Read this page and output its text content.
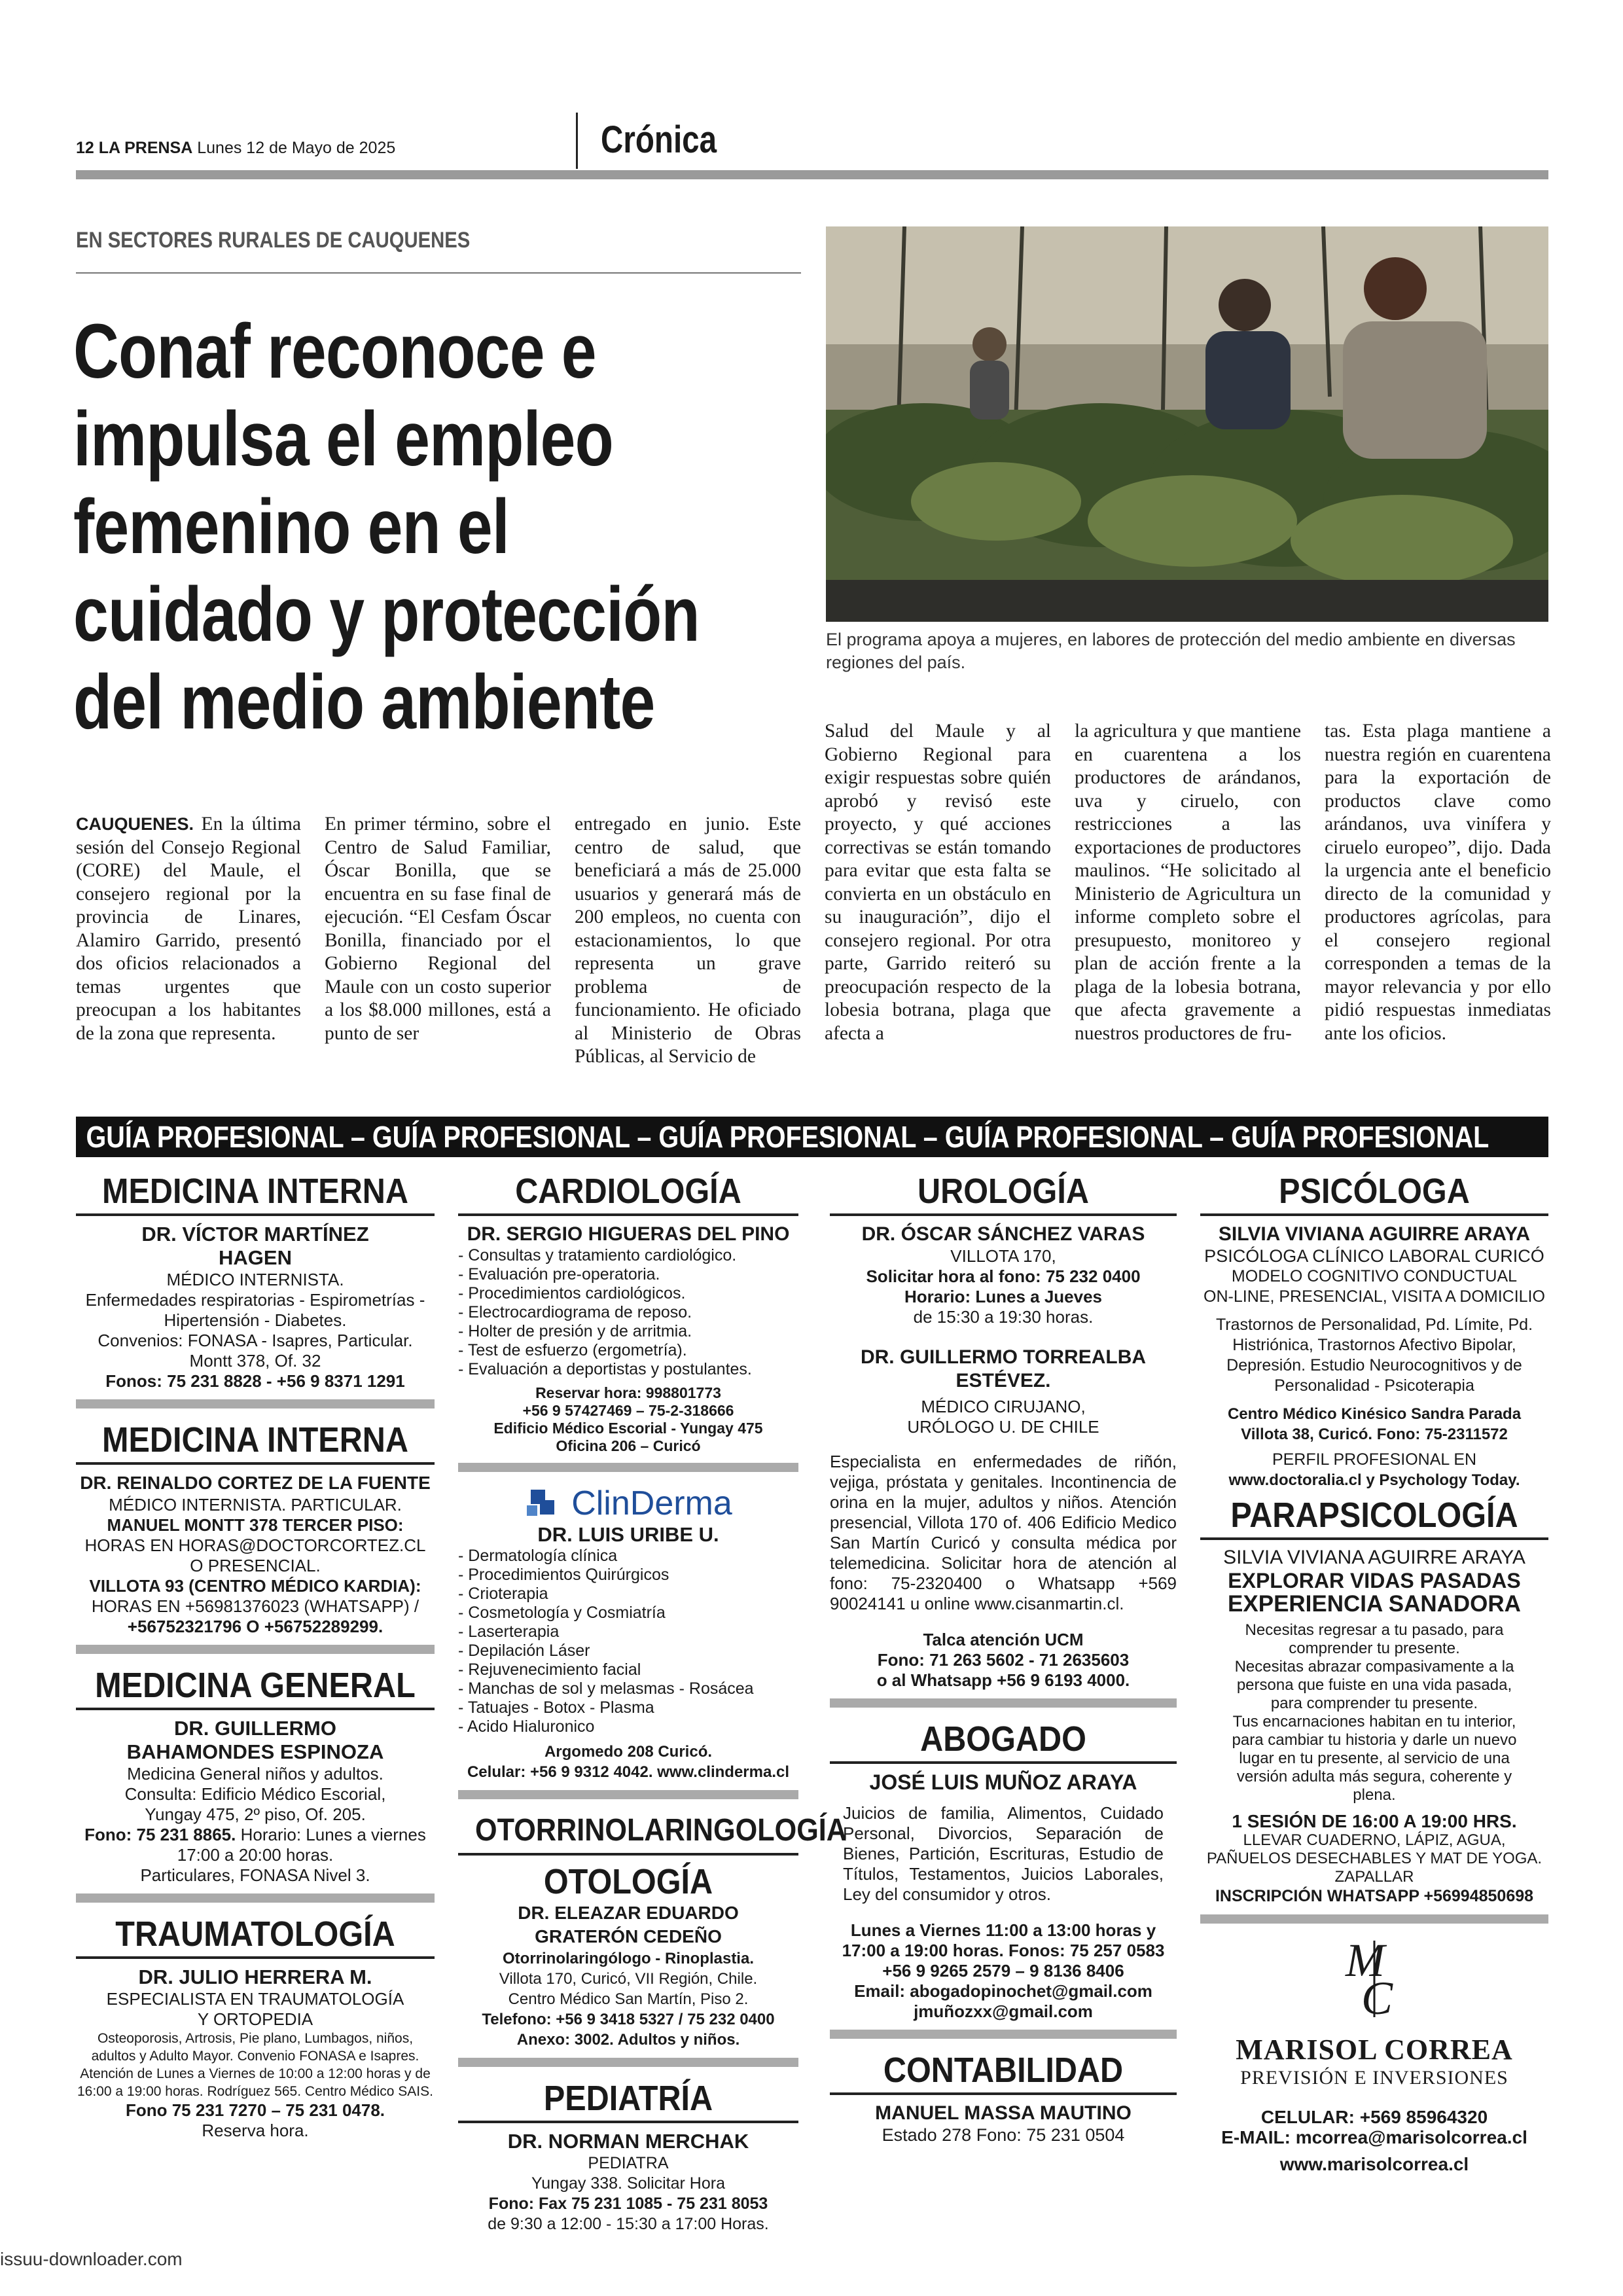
12 LA PRENSA Lunes 12 de Mayo de 2025	Crónica
EN SECTORES RURALES DE CAUQUENES
Conaf reconoce e
impulsa el empleo
femenino en el
cuidado y protección
del medio ambiente
El programa apoya a mujeres, en labores de protección del medio ambiente en diversas regiones del país.
CAUQUENES. En la última sesión del Consejo Regional (CORE) del Maule, el consejero regional por la provincia de Linares, Alamiro Garrido, presentó dos oficios relacionados a temas urgentes que preocupan a los habitantes de la zona que representa.
En primer término, sobre el Centro de Salud Familiar, Óscar Bonilla, que se encuentra en su fase final de ejecución. “El Cesfam Óscar Bonilla, financiado por el Gobierno Regional del Maule con un costo superior a los $8.000 millones, está a punto de ser
entregado en junio. Este centro de salud, que beneficiará a más de 25.000 usuarios y generará más de 200 empleos, no cuenta con estacionamientos, lo que representa un grave problema de funcionamiento. He oficiado al Ministerio de Obras Públicas, al Servicio de
Salud del Maule y al Gobierno Regional para exigir respuestas sobre quién aprobó y revisó este proyecto, y qué acciones correctivas se están tomando para evitar que esta falta se convierta en un obstáculo en su inauguración”, dijo el consejero regional. Por otra parte, Garrido reiteró su preocupación respecto de la lobesia botrana, plaga que afecta a
la agricultura y que mantiene en cuarentena a los productores de arándanos, uva y ciruelo, con restricciones a las exportaciones de productores maulinos. “He solicitado al Ministerio de Agricultura un informe completo sobre el presupuesto, monitoreo y plan de acción frente a la plaga de la lobesia botrana, que afecta gravemente a nuestros productores de fru-
tas. Esta plaga mantiene a nuestra región en cuarentena para la exportación de productos clave como arándanos, uva vinífera y ciruelo europeo”, dijo. Dada la urgencia ante el beneficio directo de la comunidad y productores agrícolas, para el consejero regional corresponden a temas de la mayor relevancia y por ello pidió respuestas inmediatas ante los oficios.
GUÍA PROFESIONAL – GUÍA PROFESIONAL – GUÍA PROFESIONAL – GUÍA PROFESIONAL – GUÍA PROFESIONAL
MEDICINA INTERNA
DR. VÍCTOR MARTÍNEZ HAGEN
MÉDICO INTERNISTA.
Enfermedades respiratorias - Espirometrías - Hipertensión - Diabetes.
Convenios: FONASA - Isapres, Particular.
Montt 378, Of. 32
Fonos: 75 231 8828 - +56 9 8371 1291
MEDICINA INTERNA
DR. REINALDO CORTEZ DE LA FUENTE
MÉDICO INTERNISTA. PARTICULAR.
MANUEL MONTT 378 TERCER PISO:
HORAS EN HORAS@DOCTORCORTEZ.CL
O PRESENCIAL.
VILLOTA 93 (CENTRO MÉDICO KARDIA):
HORAS EN +56981376023 (WHATSAPP) /
+56752321796 O +56752289299.
MEDICINA GENERAL
DR. GUILLERMO BAHAMONDES ESPINOZA
Medicina General niños y adultos.
Consulta: Edificio Médico Escorial, Yungay 475, 2º piso, Of. 205.
Fono: 75 231 8865. Horario: Lunes a viernes 17:00 a 20:00 horas.
Particulares, FONASA Nivel 3.
TRAUMATOLOGÍA
DR. JULIO HERRERA M.
ESPECIALISTA EN TRAUMATOLOGÍA Y ORTOPEDIA
Osteoporosis, Artrosis, Pie plano, Lumbagos, niños, adultos y Adulto Mayor. Convenio FONASA e Isapres.
Atención de Lunes a Viernes de 10:00 a 12:00 horas y de 16:00 a 19:00 horas. Rodríguez 565. Centro Médico SAIS.
Fono 75 231 7270 – 75 231 0478.
Reserva hora.
CARDIOLOGÍA
DR. SERGIO HIGUERAS DEL PINO
- Consultas y tratamiento cardiológico.
- Evaluación pre-operatoria.
- Procedimientos cardiológicos.
- Electrocardiograma de reposo.
- Holter de presión y de arritmia.
- Test de esfuerzo (ergometría).
- Evaluación a deportistas y postulantes.
Reservar hora: 998801773
+56 9 57427469 – 75-2-318666
Edificio Médico Escorial - Yungay 475
Oficina 206 – Curicó
ClinDerma
DR. LUIS URIBE U.
- Dermatología clínica
- Procedimientos Quirúrgicos
- Crioterapia
- Cosmetología y Cosmiatría
- Laserterapia
- Depilación Láser
- Rejuvenecimiento facial
- Manchas de sol y melasmas - Rosácea
- Tatuajes - Botox - Plasma
- Acido Hialuronico
Argomedo 208 Curicó.
Celular: +56 9 9312 4042. www.clinderma.cl
OTORRINOLARINGOLOGÍA
OTOLOGÍA
DR. ELEAZAR EDUARDO GRATERÓN CEDEÑO
Otorrinolaringólogo - Rinoplastia.
Villota 170, Curicó, VII Región, Chile.
Centro Médico San Martín, Piso 2.
Telefono: +56 9 3418 5327 / 75 232 0400
Anexo: 3002. Adultos y niños.
PEDIATRÍA
DR. NORMAN MERCHAK
PEDIATRA
Yungay 338. Solicitar Hora
Fono: Fax 75 231 1085 - 75 231 8053
de 9:30 a 12:00 - 15:30 a 17:00 Horas.
UROLOGÍA
DR. ÓSCAR SÁNCHEZ VARAS
VILLOTA 170,
Solicitar hora al fono: 75 232 0400
Horario: Lunes a Jueves
de 15:30 a 19:30 horas.
DR. GUILLERMO TORREALBA ESTÉVEZ.
MÉDICO CIRUJANO,
URÓLOGO U. DE CHILE
Especialista en enfermedades de riñón, vejiga, próstata y genitales. Incontinencia de orina en la mujer, adultos y niños. Atención presencial, Villota 170 of. 406 Edificio Medico San Martín Curicó y consulta médica por telemedicina. Solicitar hora de atención al fono: 75-2320400 o Whatsapp +569 90024141 u online www.cisanmartin.cl.
Talca atención UCM
Fono: 71 263 5602 - 71 2635603
o al Whatsapp +56 9 6193 4000.
ABOGADO
JOSÉ LUIS MUÑOZ ARAYA
Juicios de familia, Alimentos, Cuidado Personal, Divorcios, Separación de Bienes, Partición, Escrituras, Estudio de Títulos, Testamentos, Juicios Laborales, Ley del consumidor y otros.
Lunes a Viernes 11:00 a 13:00 horas y 17:00 a 19:00 horas. Fonos: 75 257 0583
+56 9 9265 2579 – 9 8136 8406
Email: abogadopinochet@gmail.com
jmuñozxx@gmail.com
CONTABILIDAD
MANUEL MASSA MAUTINO
Estado 278 Fono: 75 231 0504
PSICÓLOGA
SILVIA VIVIANA AGUIRRE ARAYA
PSICÓLOGA CLÍNICO LABORAL CURICÓ
MODELO COGNITIVO CONDUCTUAL
ON-LINE, PRESENCIAL, VISITA A DOMICILIO
Trastornos de Personalidad, Pd. Límite, Pd. Histriónica, Trastornos Afectivo Bipolar, Depresión. Estudio Neurocognitivos y de Personalidad - Psicoterapia
Centro Médico Kinésico Sandra Parada Villota 38, Curicó. Fono: 75-2311572
PERFIL PROFESIONAL EN
www.doctoralia.cl y Psychology Today.
PARAPSICOLOGÍA
SILVIA VIVIANA AGUIRRE ARAYA
EXPLORAR VIDAS PASADAS
EXPERIENCIA SANADORA
Necesitas regresar a tu pasado, para comprender tu presente.
Necesitas abrazar compasivamente a la persona que fuiste en una vida pasada, para comprender tu presente.
Tus encarnaciones habitan en tu interior, para cambiar tu historia y darle un nuevo lugar en tu presente, al servicio de una versión adulta más segura, coherente y plena.
1 SESIÓN DE 16:00 A 19:00 HRS.
LLEVAR CUADERNO, LÁPIZ, AGUA, PAÑUELOS DESECHABLES Y MAT DE YOGA.
ZAPALLAR
INSCRIPCIÓN WHATSAPP +56994850698
M
C
MARISOL CORREA
PREVISIÓN E INVERSIONES
CELULAR: +569 85964320
E-MAIL: mcorrea@marisolcorrea.cl
www.marisolcorrea.cl
issuu-downloader.com
